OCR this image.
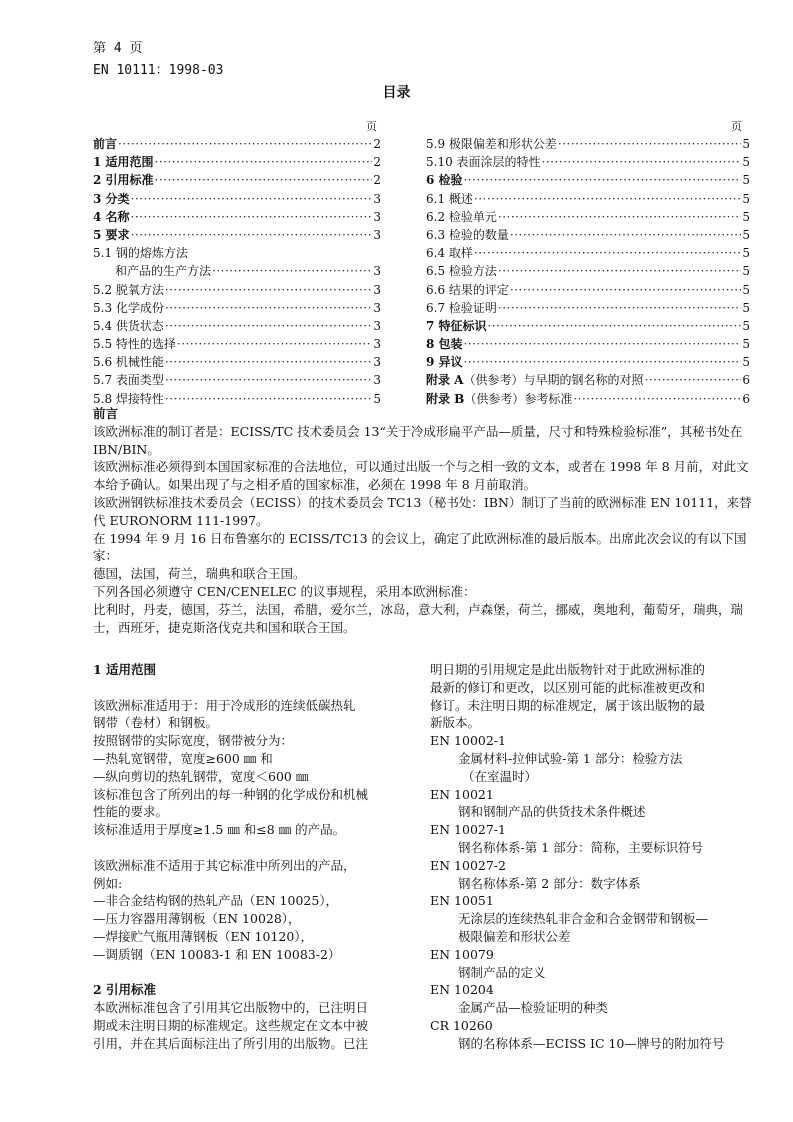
第 4 页
EN 10111：1998-03
目录
页	页
前言 ·····	2
1 适用范围 ·····	2
2 引用标准 ·····	2
3 分类 ·····	3
4 名称 ·····	3
5 要求 ·····	3
5.1 钢的熔炼方法
和产品的生产方法 ·····	3
5.2 脱氧方法 ·····	3
5.3 化学成份 ·····	3
5.4 供货状态 ·····	3
5.5 特性的选择 ·····	3
5.6 机械性能 ·····	3
5.7 表面类型 ·····	3
5.8 焊接特性 ·····	5
5.9 极限偏差和形状公差 ·····	5
5.10 表面涂层的特性 ·····	5
6 检验 ·····	5
6.1 概述 ·····	5
6.2 检验单元 ·····	5
6.3 检验的数量 ·····	5
6.4 取样 ·····	5
6.5 检验方法 ·····	5
6.6 结果的评定 ·····	5
6.7 检验证明 ·····	5
7 特征标识 ·····	5
8 包装 ·····	5
9 异议 ·····	5
附录 A（供参考）与早期的钢名称的对照 ·····	6
附录 B（供参考）参考标准 ·····	6

前言

该欧洲标准的制订者是：ECISS/TC 技术委员会 13“关于冷成形扁平产品—质量，尺寸和特殊检验标准”，其秘书处在 IBN/BIN。

该欧洲标准必须得到本国国家标准的合法地位，可以通过出版一个与之相一致的文本，或者在 1998 年 8 月前，对此文本给予确认。如果出现了与之相矛盾的国家标准，必须在 1998 年 8 月前取消。

该欧洲钢铁标准技术委员会（ECISS）的技术委员会 TC13（秘书处：IBN）制订了当前的欧洲标准 EN 10111，来替代 EURONORM 111-1997。

在 1994 年 9 月 16 日布鲁塞尔的 ECISS/TC13 的会议上，确定了此欧洲标准的最后版本。出席此次会议的有以下国家：

德国，法国，荷兰，瑞典和联合王国。

下列各国必须遵守 CEN/CENELEC 的议事规程，采用本欧洲标准：

比利时，丹麦，德国，芬兰，法国，希腊，爱尔兰，冰岛，意大利，卢森堡，荷兰，挪威，奥地利，葡萄牙，瑞典，瑞士，西班牙，捷克斯洛伐克共和国和联合王国。

1 适用范围

该欧洲标准适用于：用于冷成形的连续低碳热轧

钢带（卷材）和钢板。

按照钢带的实际宽度，钢带被分为：

—热轧宽钢带，宽度≥600 ㎜ 和

—纵向剪切的热轧钢带，宽度＜600 ㎜

该标准包含了所列出的每一种钢的化学成份和机械

性能的要求。

该标准适用于厚度≥1.5 ㎜ 和≤8 ㎜ 的产品。

该欧洲标准不适用于其它标准中所列出的产品，

例如:

—非合金结构钢的热轧产品（EN 10025），

—压力容器用薄钢板（EN 10028），

—焊接贮气瓶用薄钢板（EN 10120），

—调质钢（EN 10083-1 和 EN 10083-2）

2 引用标准

本欧洲标准包含了引用其它出版物中的，已注明日

期或未注明日期的标准规定。这些规定在文本中被

引用，并在其后面标注出了所引用的出版物。已注

明日期的引用规定是此出版物针对于此欧洲标准的

最新的修订和更改，以区别可能的此标准被更改和

修订。未注明日期的标准规定，属于该出版物的最

新版本。

EN 10002-1

金属材料-拉伸试验-第 1 部分：检验方法

（在室温时）

EN 10021

钢和钢制产品的供货技术条件概述

EN 10027-1

钢名称体系-第 1 部分：简称，主要标识符号

EN 10027-2

钢名称体系-第 2 部分：数字体系

EN 10051

无涂层的连续热轧非合金和合金钢带和钢板—

极限偏差和形状公差

EN 10079

钢制产品的定义

EN 10204

金属产品—检验证明的种类

CR 10260

钢的名称体系—ECISS IC 10—牌号的附加符号
